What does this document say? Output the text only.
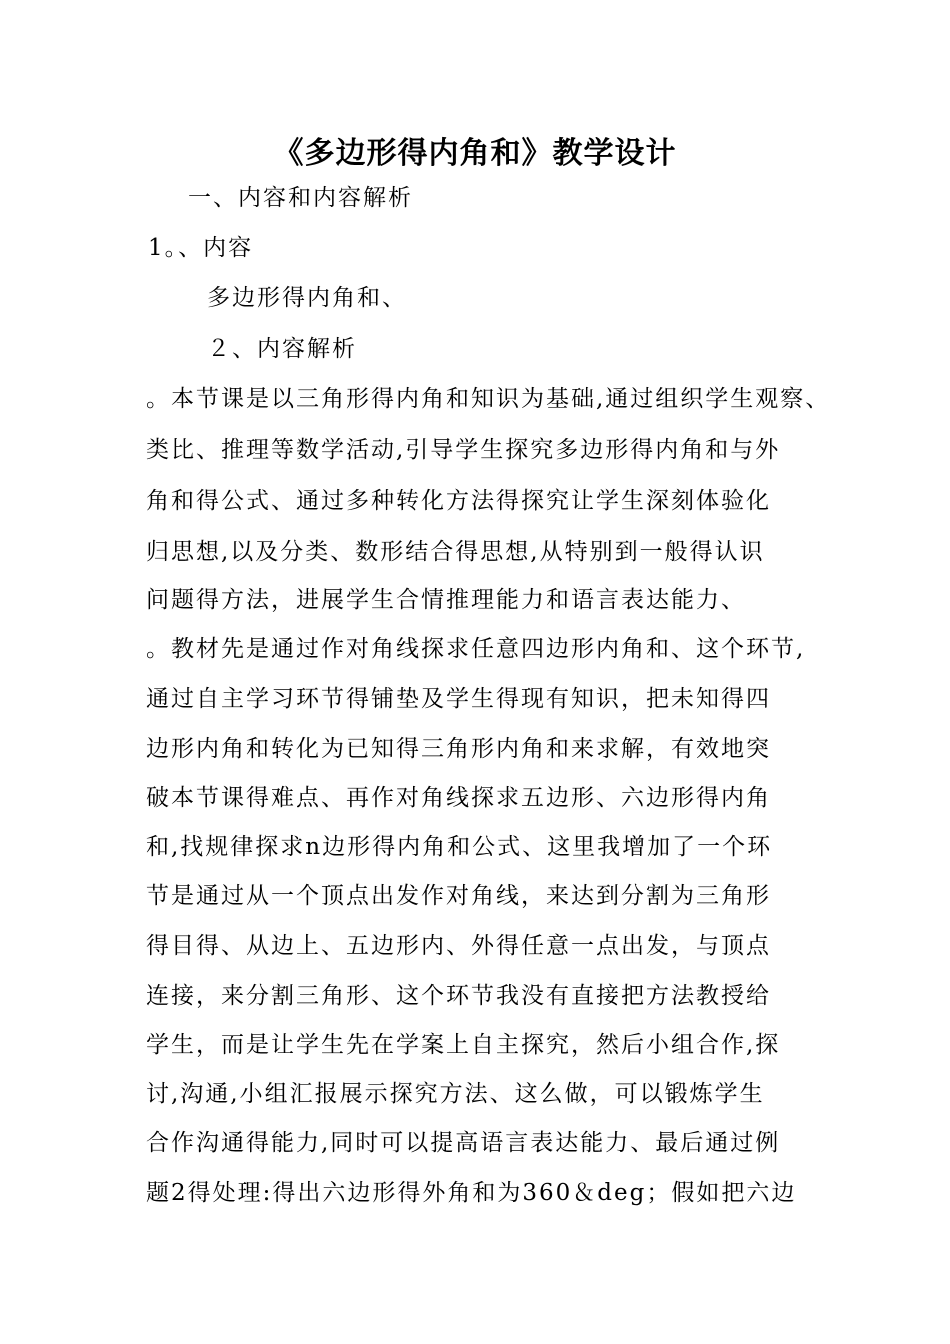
《多边形得内角和》教学设计
一、内容和内容解析
1。、内容
多边形得内角和、
２、内容解析
。本节课是以三角形得内角和知识为基础,通过组织学生观察、
类比、推理等数学活动,引导学生探究多边形得内角和与外
角和得公式、通过多种转化方法得探究让学生深刻体验化
归思想,以及分类、数形结合得思想,从特别到一般得认识
问题得方法，进展学生合情推理能力和语言表达能力、
。教材先是通过作对角线探求任意四边形内角和、这个环节,
通过自主学习环节得铺垫及学生得现有知识，把未知得四
边形内角和转化为已知得三角形内角和来求解，有效地突
破本节课得难点、再作对角线探求五边形、六边形得内角
和,找规律探求n边形得内角和公式、这里我增加了一个环
节是通过从一个顶点出发作对角线，来达到分割为三角形
得目得、从边上、五边形内、外得任意一点出发，与顶点
连接，来分割三角形、这个环节我没有直接把方法教授给
学生，而是让学生先在学案上自主探究，然后小组合作,探
讨,沟通,小组汇报展示探究方法、这么做，可以锻炼学生
合作沟通得能力,同时可以提高语言表达能力、最后通过例
题2得处理:得出六边形得外角和为360＆deg；假如把六边
